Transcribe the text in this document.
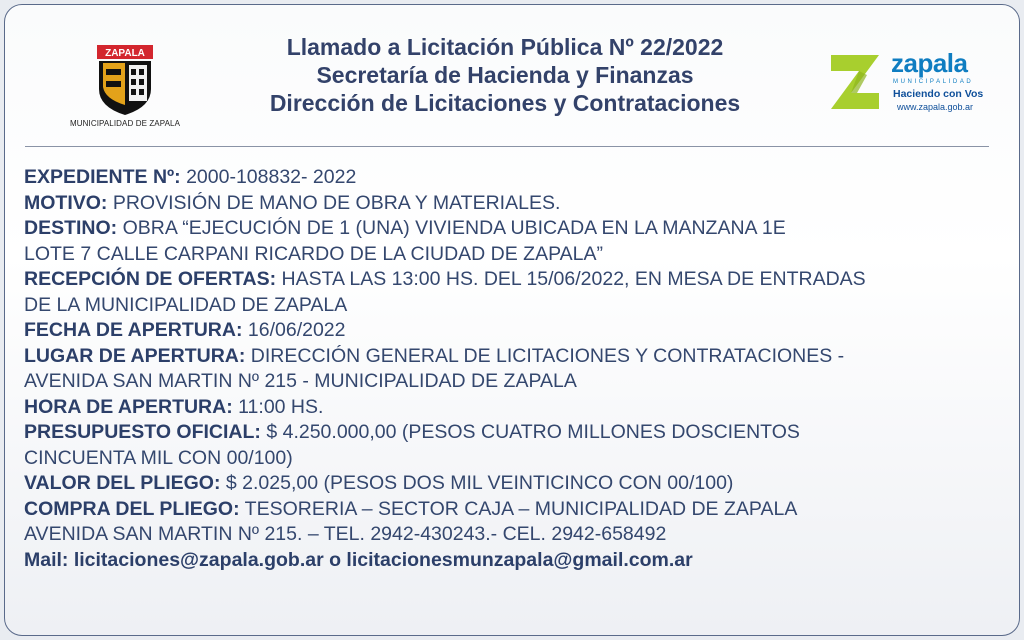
ZAPALA
MUNICIPALIDAD DE ZAPALA
Llamado a Licitación Pública Nº 22/2022
Secretaría de Hacienda y Finanzas
Dirección de Licitaciones y Contrataciones
zapala
MUNICIPALIDAD
Haciendo con Vos
www.zapala.gob.ar
EXPEDIENTE Nº: 2000-108832- 2022
MOTIVO: PROVISIÓN DE MANO DE OBRA Y MATERIALES.
DESTINO: OBRA “EJECUCIÓN DE 1 (UNA) VIVIENDA UBICADA EN LA MANZANA 1E
LOTE 7 CALLE CARPANI RICARDO DE LA CIUDAD DE ZAPALA”
RECEPCIÓN DE OFERTAS: HASTA LAS 13:00 HS. DEL 15/06/2022, EN MESA DE ENTRADAS
DE LA MUNICIPALIDAD DE ZAPALA
FECHA DE APERTURA: 16/06/2022
LUGAR DE APERTURA: DIRECCIÓN GENERAL DE LICITACIONES Y CONTRATACIONES -
AVENIDA SAN MARTIN Nº 215 - MUNICIPALIDAD DE ZAPALA
HORA DE APERTURA: 11:00 HS.
PRESUPUESTO OFICIAL: $ 4.250.000,00 (PESOS CUATRO MILLONES DOSCIENTOS
CINCUENTA MIL CON 00/100)
VALOR DEL PLIEGO: $ 2.025,00 (PESOS DOS MIL VEINTICINCO CON 00/100)
COMPRA DEL PLIEGO: TESORERIA – SECTOR CAJA – MUNICIPALIDAD DE ZAPALA
AVENIDA SAN MARTIN Nº 215. – TEL. 2942-430243.- CEL. 2942-658492
Mail: licitaciones@zapala.gob.ar o licitacionesmunzapala@gmail.com.ar
